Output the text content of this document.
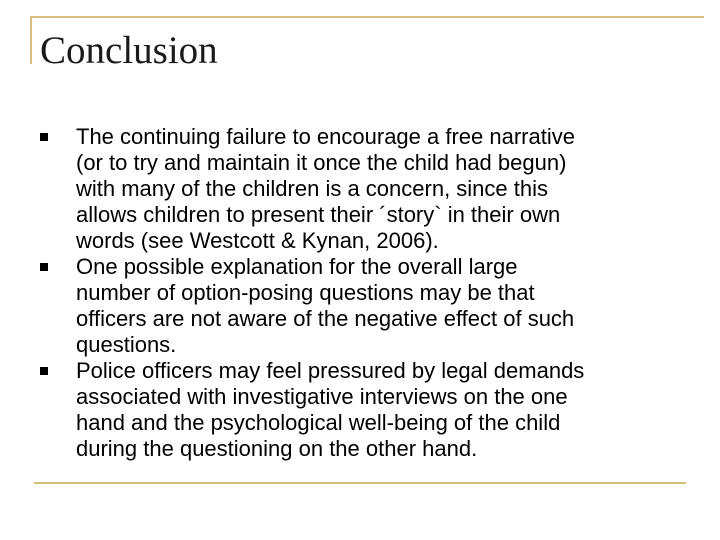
Conclusion
The continuing failure to encourage a free narrative
(or to try and maintain it once the child had begun)
with many of the children is a concern, since this
allows children to present their ´story` in their own
words (see Westcott & Kynan, 2006).
One possible explanation for the overall large
number of option-posing questions may be that
officers are not aware of the negative effect of such
questions.
Police officers may feel pressured by legal demands
associated with investigative interviews on the one
hand and the psychological well-being of the child
during the questioning on the other hand.
